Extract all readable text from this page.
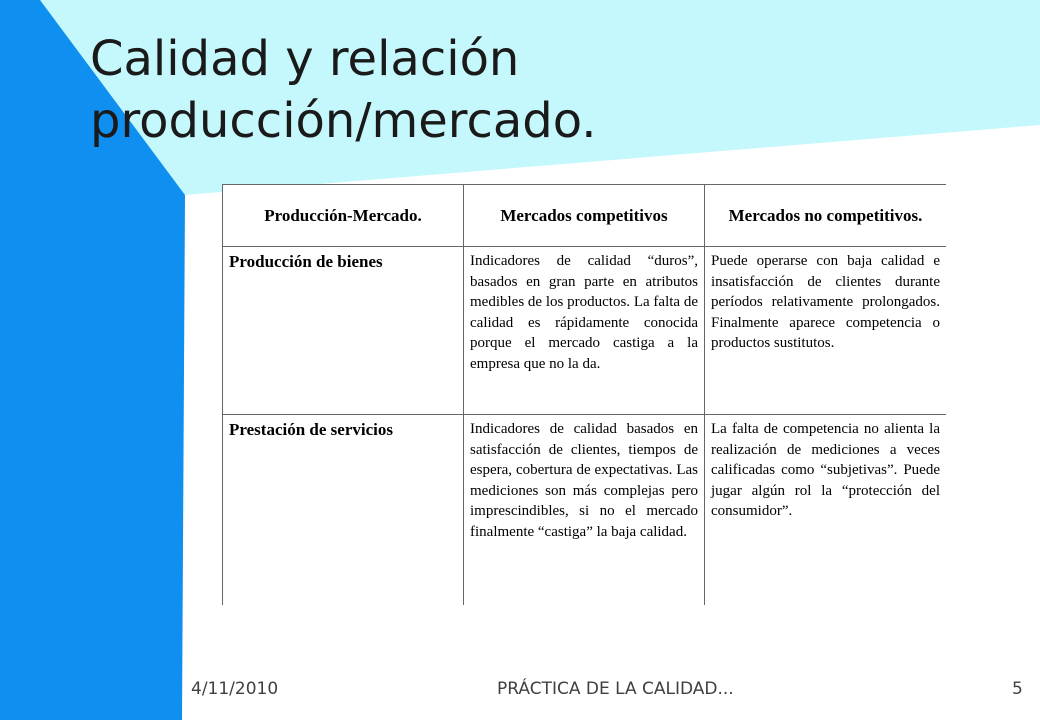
Calidad y relación
producción/mercado.
Producción-Mercado.	Mercados competitivos	Mercados no competitivos.
Producción de bienes	Indicadores de calidad “duros”, basados en gran parte en atributos medibles de los productos. La falta de calidad es rápidamente conocida porque el mercado castiga a la empresa que no la da.	Puede operarse con baja calidad e insatisfacción de clientes durante períodos relativamente prolongados. Finalmente aparece competencia o productos sustitutos.
Prestación de servicios	Indicadores de calidad basados en satisfacción de clientes, tiempos de espera, cobertura de expectativas. Las mediciones son más complejas pero imprescindibles, si no el mercado finalmente “castiga” la baja calidad.	La falta de competencia no alienta la realización de mediciones a veces calificadas como “subjetivas”. Puede jugar algún rol la “protección del consumidor”.
4/11/2010	PRÁCTICA DE LA CALIDAD...	5
